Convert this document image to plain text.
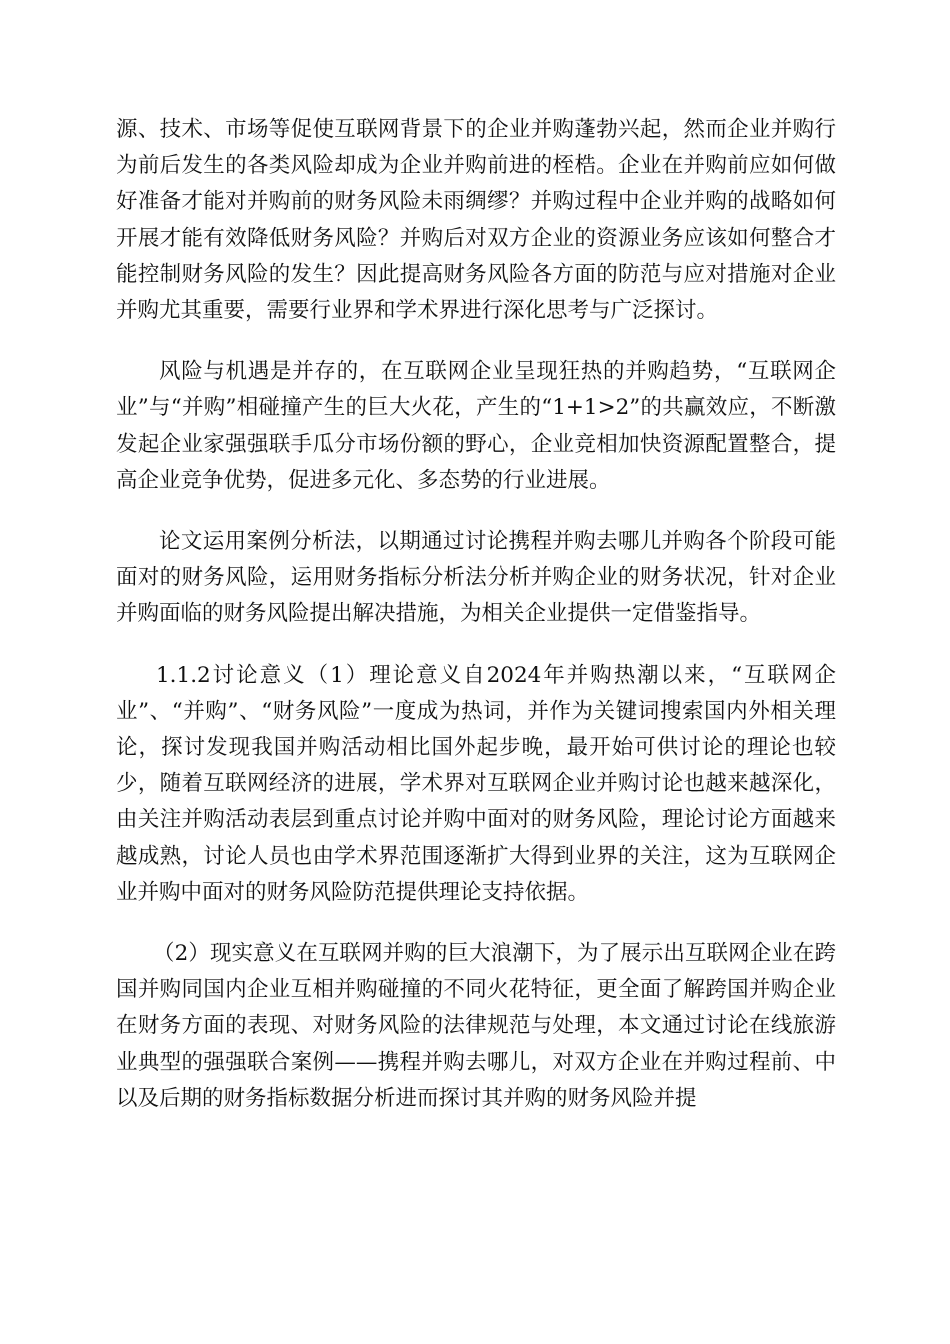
源、技术、市场等促使互联网背景下的企业并购蓬勃兴起，然而企业并购行为前后发生的各类风险却成为企业并购前进的桎梏。企业在并购前应如何做好准备才能对并购前的财务风险未雨绸缪？并购过程中企业并购的战略如何开展才能有效降低财务风险？并购后对双方企业的资源业务应该如何整合才能控制财务风险的发生？因此提高财务风险各方面的防范与应对措施对企业并购尤其重要，需要行业界和学术界进行深化思考与广泛探讨。

风险与机遇是并存的，在互联网企业呈现狂热的并购趋势，“互联网企业”与“并购”相碰撞产生的巨大火花，产生的“1+1>2”的共赢效应，不断激发起企业家强强联手瓜分市场份额的野心，企业竞相加快资源配置整合，提高企业竞争优势，促进多元化、多态势的行业进展。

论文运用案例分析法，以期通过讨论携程并购去哪儿并购各个阶段可能面对的财务风险，运用财务指标分析法分析并购企业的财务状况，针对企业并购面临的财务风险提出解决措施，为相关企业提供一定借鉴指导。

1.1.2讨论意义（1）理论意义自2024年并购热潮以来，“互联网企业”、“并购”、“财务风险”一度成为热词，并作为关键词搜索国内外相关理论，探讨发现我国并购活动相比国外起步晚，最开始可供讨论的理论也较少，随着互联网经济的进展，学术界对互联网企业并购讨论也越来越深化，由关注并购活动表层到重点讨论并购中面对的财务风险，理论讨论方面越来越成熟，讨论人员也由学术界范围逐渐扩大得到业界的关注，这为互联网企业并购中面对的财务风险防范提供理论支持依据。

（2）现实意义在互联网并购的巨大浪潮下，为了展示出互联网企业在跨国并购同国内企业互相并购碰撞的不同火花特征，更全面了解跨国并购企业在财务方面的表现、对财务风险的法律规范与处理，本文通过讨论在线旅游业典型的强强联合案例——携程并购去哪儿，对双方企业在并购过程前、中以及后期的财务指标数据分析进而探讨其并购的财务风险并提
